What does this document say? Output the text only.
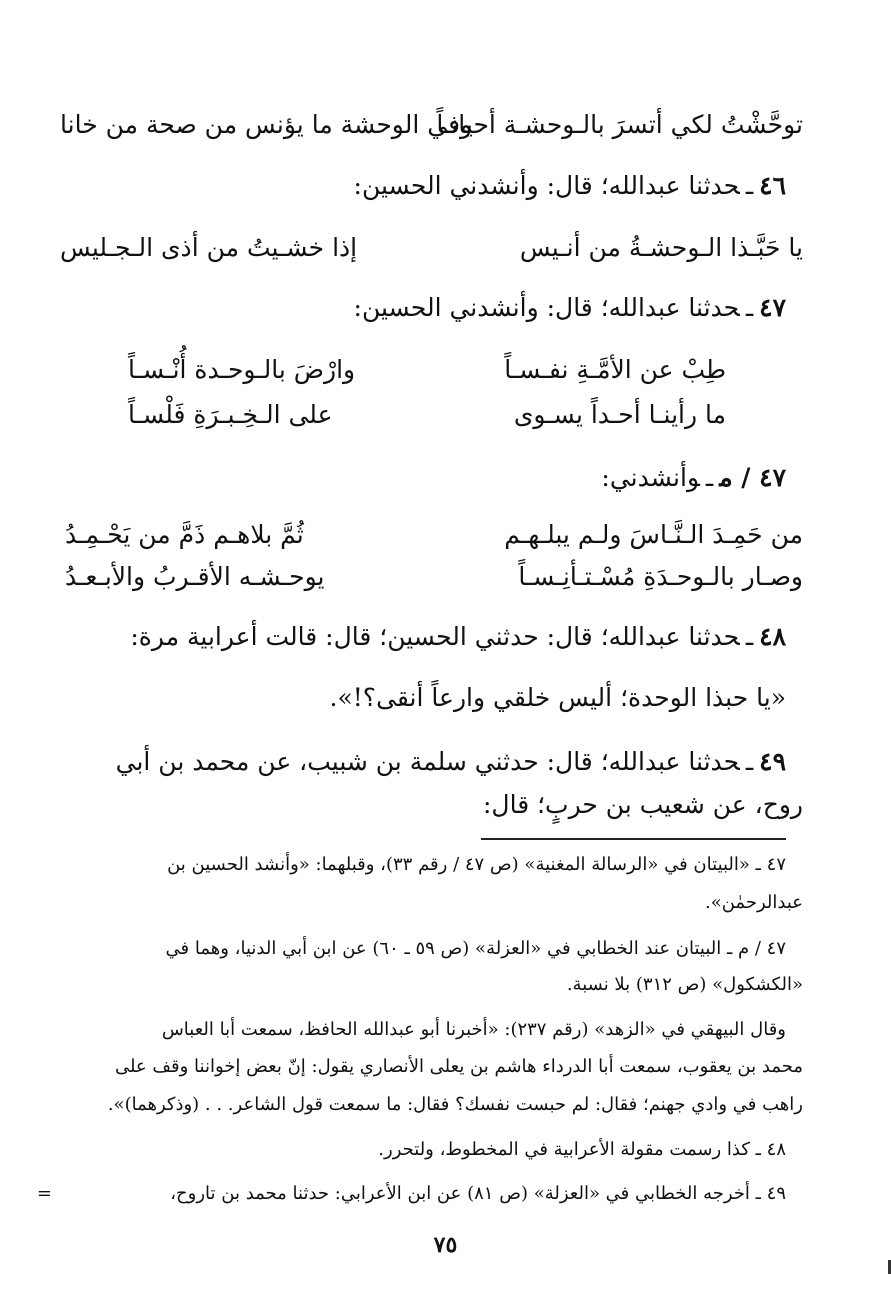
توحَّشْتُ لكي أتسرَ بالـوحشـة أحيانـاً
وفي الوحشة ما يؤنس من صحة من خانا
٤٦ـحدثنا عبدالله؛ قال: وأنشدني الحسين:
يا حَبَّـذا الـوحشـةُ من أنـيس
إذا خشـيتُ من أذى الـجـليس
٤٧ـحدثنا عبدالله؛ قال: وأنشدني الحسين:
طِبْ عن الأمَّـةِ نفـسـاً
وارْضَ بالـوحـدة أُنْـسـاً
ما رأينـا أحـداً يسـوى
على الـخِـبـرَةِ فَلْسـاً
٤٧ / مـوأنشدني:
من حَمِـدَ الـنَّـاسَ ولـم يبلـهـم
ثُمَّ بلاهـم ذَمَّ من يَحْـمِـدُ
وصـار بالـوحـدَةِ مُسْـتـأنِـسـاً
يوحـشـه الأقـربُ والأبـعـدُ
٤٨ـحدثنا عبدالله؛ قال: حدثني الحسين؛ قال: قالت أعرابية مرة:
«يا حبذا الوحدة؛ أليس خلقي وارعاً أنقى؟!».
٤٩ـحدثنا عبدالله؛ قال: حدثني سلمة بن شبيب، عن محمد بن أبي
روح، عن شعيب بن حربٍ؛ قال:
٤٧ ـ «البيتان في «الرسالة المغنية» (ص ٤٧ / رقم ٣٣)، وقبلهما: «وأنشد الحسين بن
عبدالرحمٰن».
٤٧ / م ـ البيتان عند الخطابي في «العزلة» (ص ٥٩ ـ ٦٠) عن ابن أبي الدنيا، وهما في
«الكشكول» (ص ٣١٢) بلا نسبة.
وقال البيهقي في «الزهد» (رقم ٢٣٧): «أخبرنا أبو عبدالله الحافظ، سمعت أبا العباس
محمد بن يعقوب، سمعت أبا الدرداء هاشم بن يعلى الأنصاري يقول: إنّ بعض إخواننا وقف على
راهب في وادي جهنم؛ فقال: لم حبست نفسك؟ فقال: ما سمعت قول الشاعر. . . (وذكرهما)».
٤٨ ـ كذا رسمت مقولة الأعرابية في المخطوط، ولتحرر.
٤٩ ـ أخرجه الخطابي في «العزلة» (ص ٨١) عن ابن الأعرابي: حدثنا محمد بن تاروح،
=
٧٥
